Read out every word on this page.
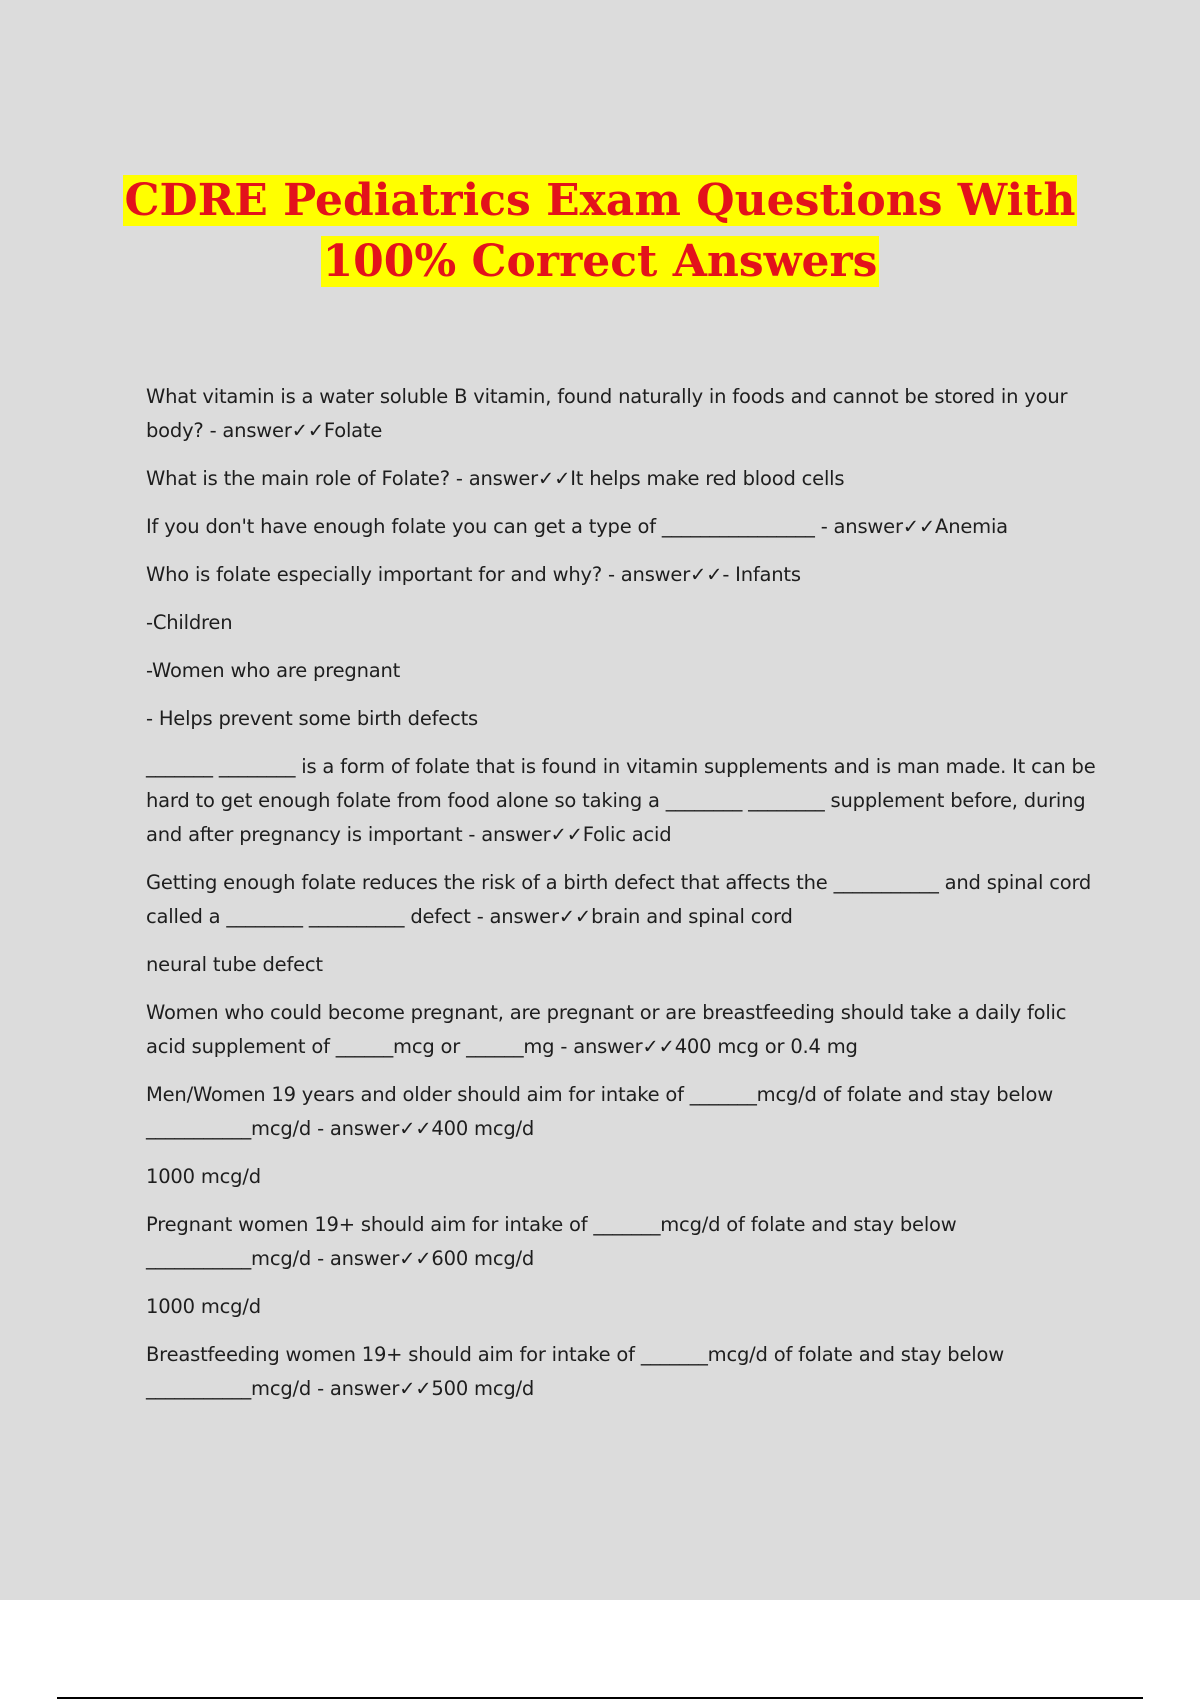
CDRE Pediatrics Exam Questions With
100% Correct Answers

What vitamin is a water soluble B vitamin, found naturally in foods and cannot be stored in your body? - answer✓✓Folate

What is the main role of Folate? - answer✓✓It helps make red blood cells

If you don't have enough folate you can get a type of ________________ - answer✓✓Anemia

Who is folate especially important for and why? - answer✓✓- Infants

-Children

-Women who are pregnant

- Helps prevent some birth defects

_______ ________ is a form of folate that is found in vitamin supplements and is man made. It can be hard to get enough folate from food alone so taking a ________ ________ supplement before, during and after pregnancy is important - answer✓✓Folic acid

Getting enough folate reduces the risk of a birth defect that affects the ___________ and spinal cord called a ________ __________ defect - answer✓✓brain and spinal cord

neural tube defect

Women who could become pregnant, are pregnant or are breastfeeding should take a daily folic acid supplement of ______mcg or ______mg - answer✓✓400 mcg or 0.4 mg

Men/Women 19 years and older should aim for intake of _______mcg/d of folate and stay below ___________mcg/d - answer✓✓400 mcg/d

1000 mcg/d

Pregnant women 19+ should aim for intake of _______mcg/d of folate and stay below ___________mcg/d - answer✓✓600 mcg/d

1000 mcg/d

Breastfeeding women 19+ should aim for intake of _______mcg/d of folate and stay below ___________mcg/d - answer✓✓500 mcg/d
